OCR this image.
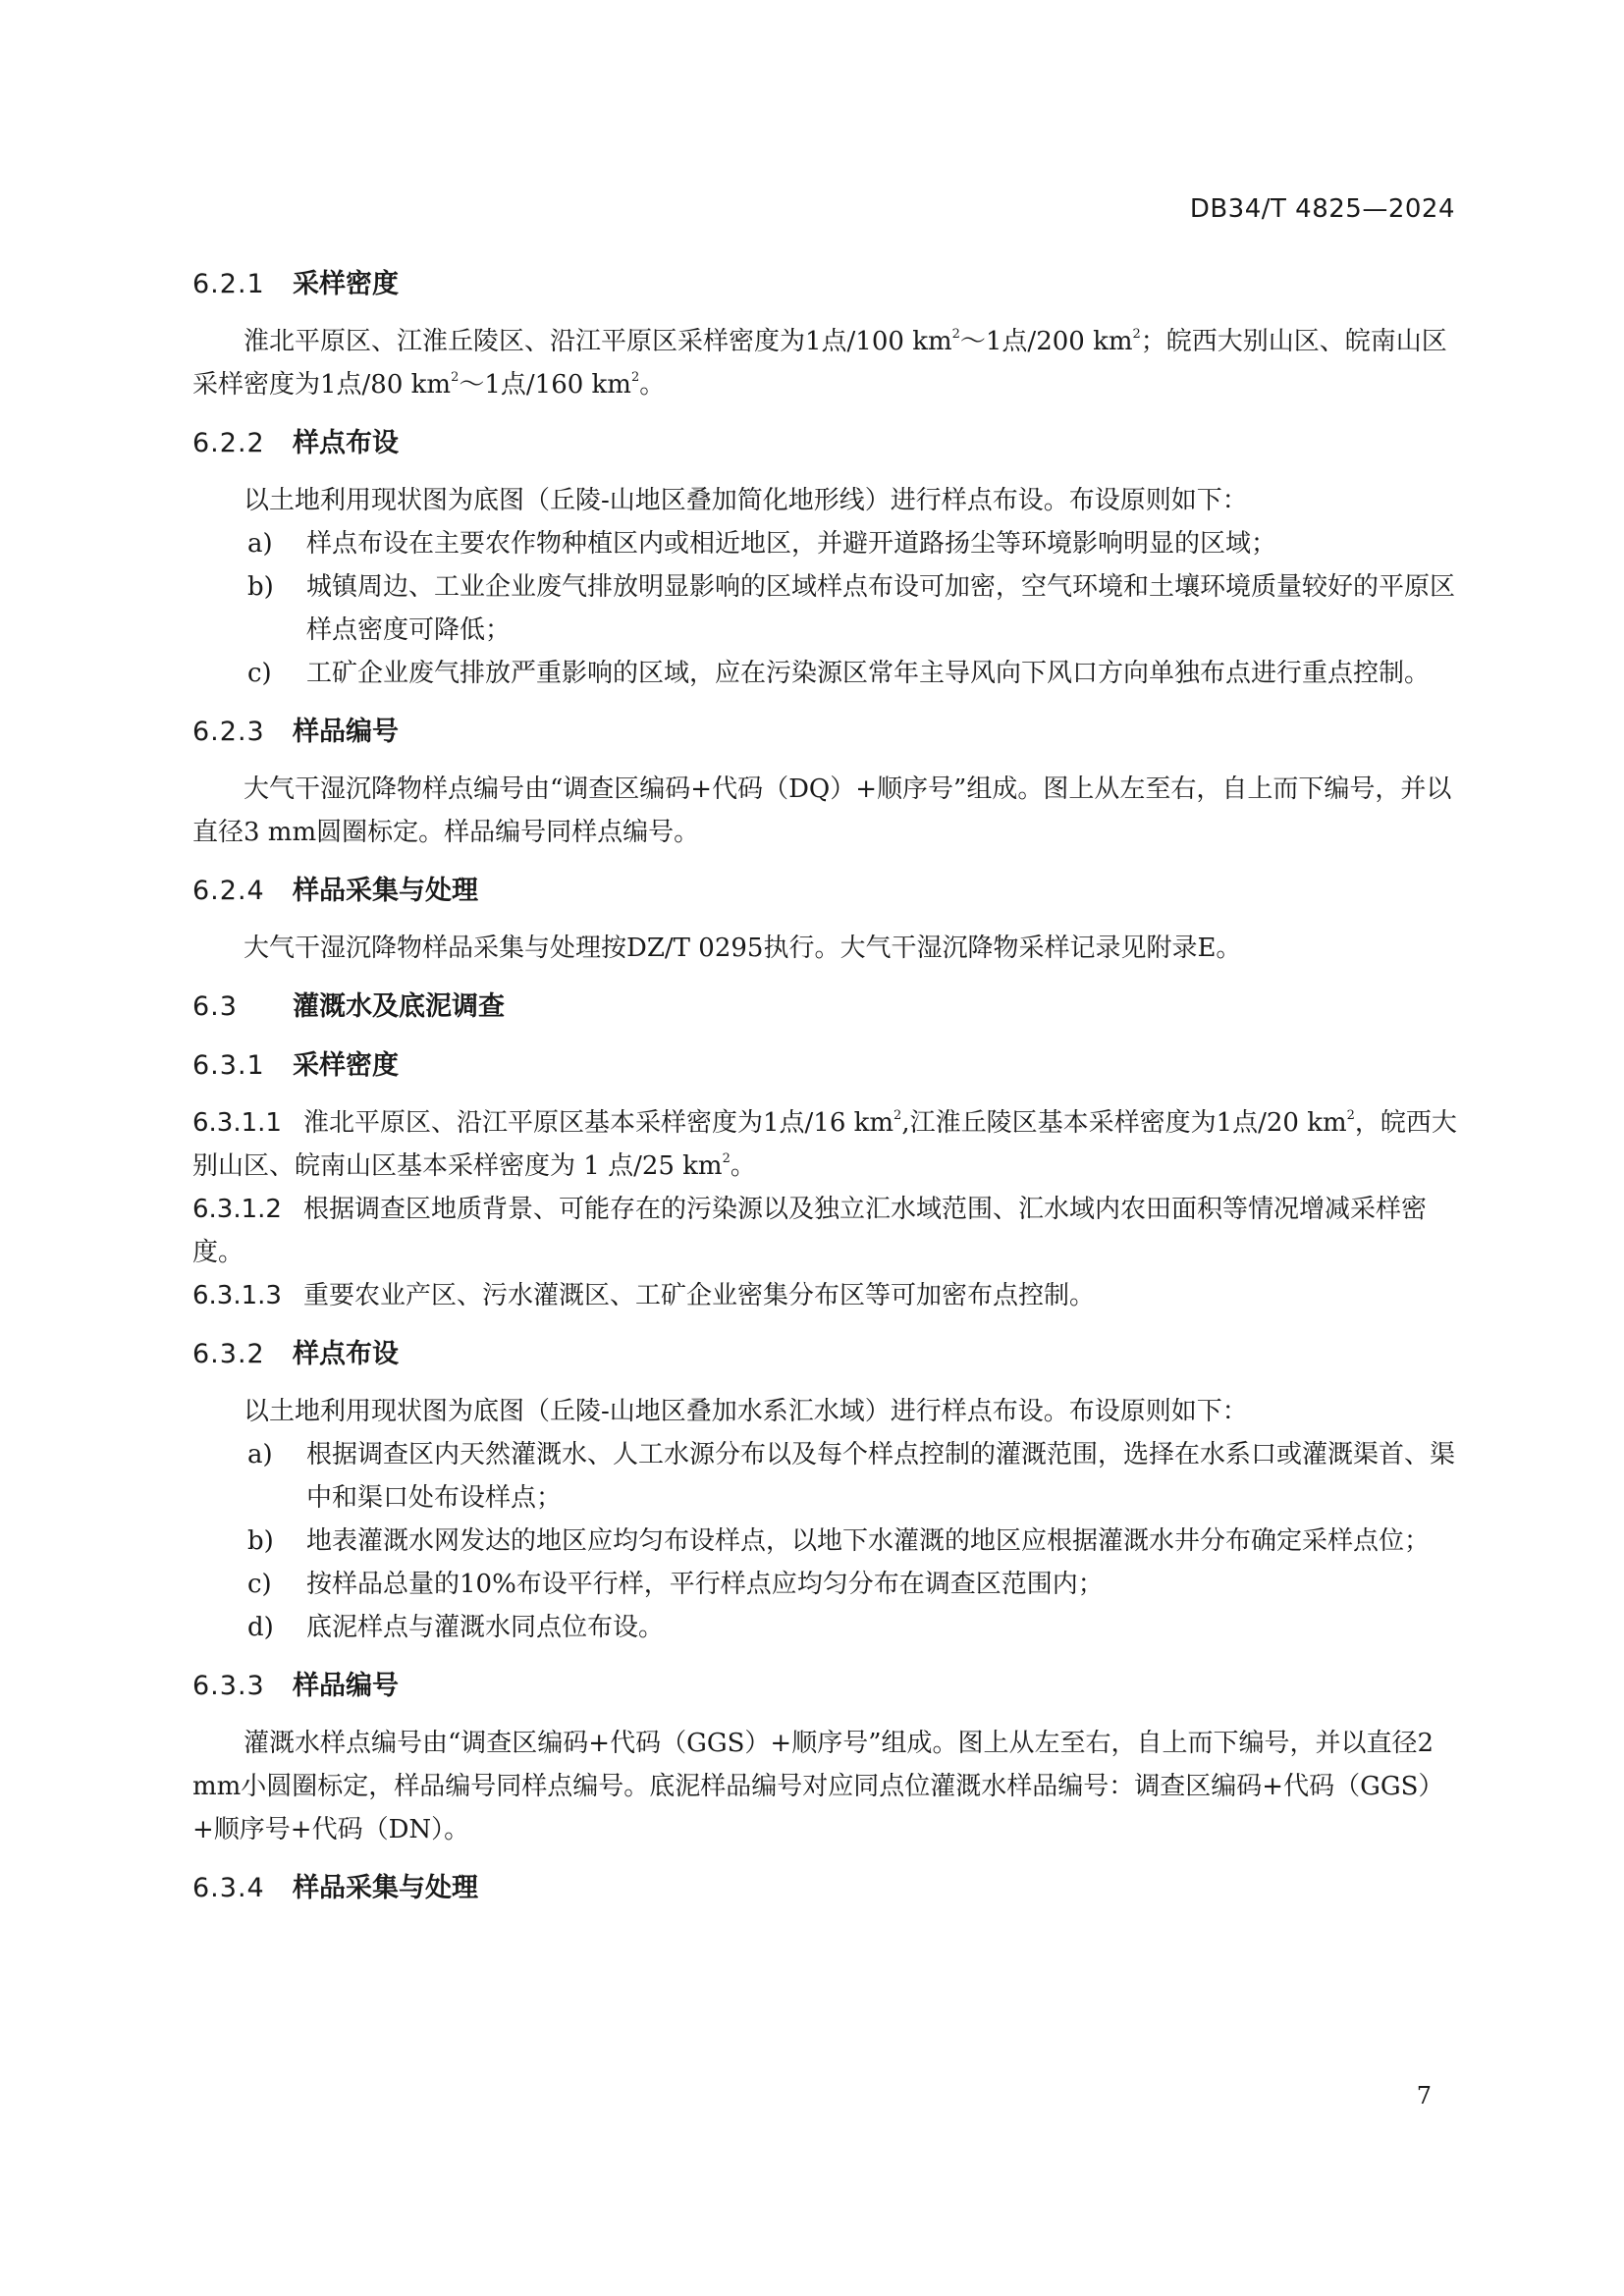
DB34/T 4825—2024
6.2.1 采样密度

淮北平原区、江淮丘陵区、沿江平原区采样密度为1点/100 $km^2\sim 1$点/200 $km^2$；皖西大别山区、皖南山区采样密度为1点/80 $km^2\sim 1$点/160 $km^2$。

6.2.2 样点布设

以土地利用现状图为底图（丘陵-山地区叠加简化地形线）进行样点布设。布设原则如下：

a) 样点布设在主要农作物种植区内或相近地区，并避开道路扬尘等环境影响明显的区域；
b) 城镇周边、工业企业废气排放明显影响的区域样点布设可加密，空气环境和土壤环境质量较好的平原区样点密度可降低；
c) 工矿企业废气排放严重影响的区域，应在污染源区常年主导风向下风口方向单独布点进行重点控制。
6.2.3 样品编号

大气干湿沉降物样点编号由“调查区编码+代码（DQ）+顺序号”组成。图上从左至右，自上而下编号，并以直径3 mm圆圈标定。样品编号同样点编号。

6.2.4 样品采集与处理

大气干湿沉降物样品采集与处理按DZ/T 0295执行。大气干湿沉降物采样记录见附录E。

6.3 灌溉水及底泥调查
6.3.1 采样密度

6.3.1.1 淮北平原区、沿江平原区基本采样密度为1点/16 $km^2$,江淮丘陵区基本采样密度为1点/20 $km^2$，皖西大别山区、皖南山区基本采样密度为 1 点/25 $km^2$。

6.3.1.2 根据调查区地质背景、可能存在的污染源以及独立汇水域范围、汇水域内农田面积等情况增减采样密度。

6.3.1.3 重要农业产区、污水灌溉区、工矿企业密集分布区等可加密布点控制。

6.3.2 样点布设

以土地利用现状图为底图（丘陵-山地区叠加水系汇水域）进行样点布设。布设原则如下：

a) 根据调查区内天然灌溉水、人工水源分布以及每个样点控制的灌溉范围，选择在水系口或灌溉渠首、渠中和渠口处布设样点；
b) 地表灌溉水网发达的地区应均匀布设样点，以地下水灌溉的地区应根据灌溉水井分布确定采样点位；
c) 按样品总量的10%布设平行样，平行样点应均匀分布在调查区范围内；
d) 底泥样点与灌溉水同点位布设。
6.3.3 样品编号

灌溉水样点编号由“调查区编码+代码（GGS）+顺序号”组成。图上从左至右，自上而下编号，并以直径2 mm小圆圈标定，样品编号同样点编号。底泥样品编号对应同点位灌溉水样品编号：调查区编码+代码（GGS）+顺序号+代码（DN）。

6.3.4 样品采集与处理
7
